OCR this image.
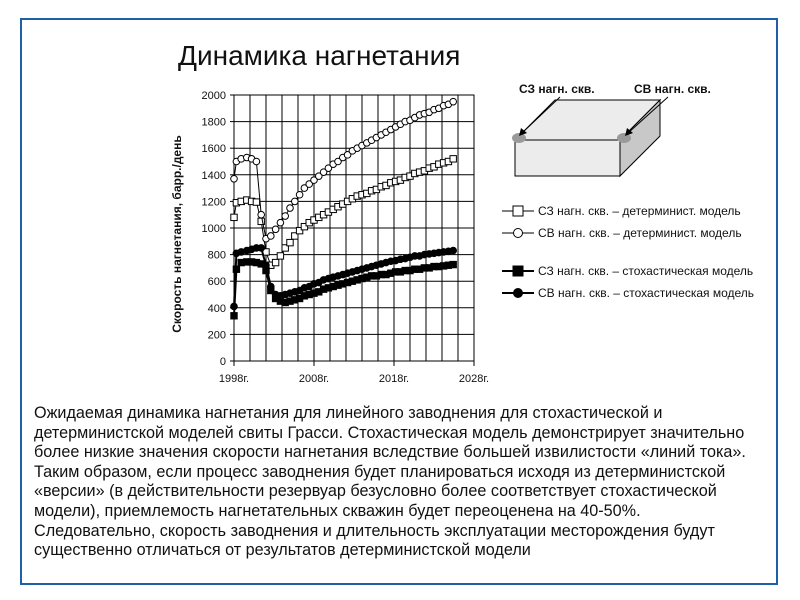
Динамика нагнетания
0
200
400
600
800
1000
1200
1400
1600
1800
2000
1998г.	2008г.	2018г.	2028г.
Скорость нагнетания, барр./день
СЗ нагн. скв.	СВ нагн. скв.
СЗ нагн. скв. – детерминист. модель
СВ нагн. скв. – детерминист. модель
СЗ нагн. скв. – стохастическая модель
СВ нагн. скв. – стохастическая модель

Ожидаемая динамика нагнетания для линейного заводнения для стохастической и детерминистской моделей свиты Грасси. Стохастическая модель демонстрирует значительно более низкие значения скорости нагнетания вследствие большей извилистости «линий тока». Таким образом, если процесс заводнения будет планироваться исходя из детерминистской «версии» (в действительности резервуар безусловно более соответствует стохастической модели), приемлемость нагнетательных скважин будет переоценена на 40-50%. Следовательно, скорость заводнения и длительность эксплуатации месторождения будут существенно отличаться от результатов детерминистской модели
